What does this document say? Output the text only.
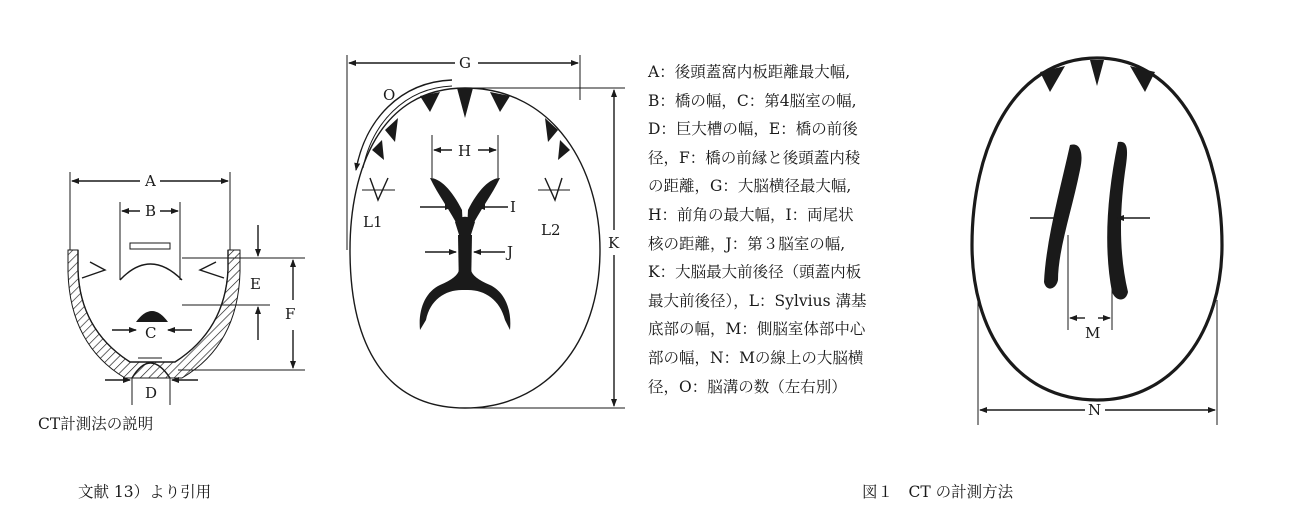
A
B
E
F
C
D
G
O
K
H
I
J
L1	L2
M
N
CT計測法の説明
A：後頭蓋窩内板距離最大幅,
B：橋の幅，C：第4脳室の幅,
D：巨大槽の幅，E：橋の前後
径，F：橋の前縁と後頭蓋内稜
の距離，G：大脳横径最大幅,
H：前角の最大幅，I：両尾状
核の距離，J：第３脳室の幅,
K：大脳最大前後径（頭蓋内板
最大前後径），L：Sylvius 溝基
底部の幅，M：側脳室体部中心
部の幅，N：Mの線上の大脳横
径，O：脳溝の数（左右別）
文献 13）より引用	図１　CT の計測方法
